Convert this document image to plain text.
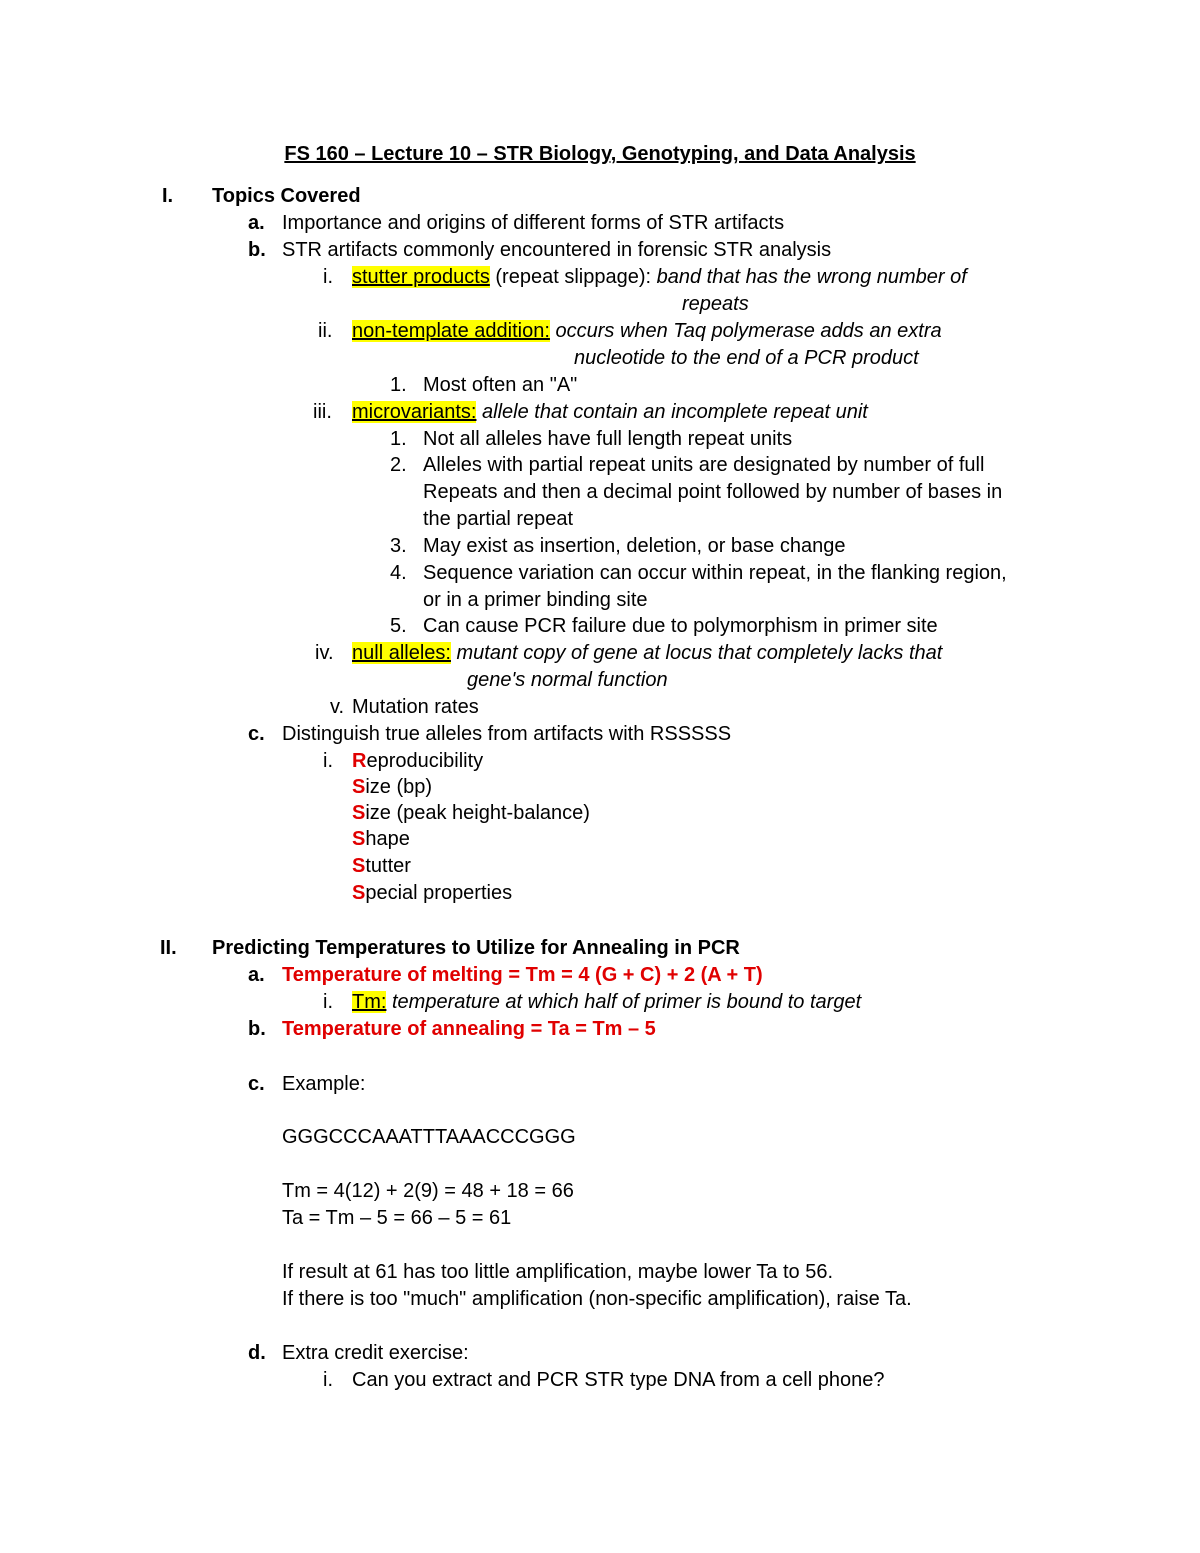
FS 160 – Lecture 10 – STR Biology, Genotyping, and Data Analysis
I. Topics Covered
a. Importance and origins of different forms of STR artifacts
b. STR artifacts commonly encountered in forensic STR analysis
i. stutter products (repeat slippage): band that has the wrong number of
repeats
ii. non-template addition: occurs when Taq polymerase adds an extra
nucleotide to the end of a PCR product
1. Most often an "A"
iii. microvariants: allele that contain an incomplete repeat unit
1. Not all alleles have full length repeat units
2. Alleles with partial repeat units are designated by number of full
Repeats and then a decimal point followed by number of bases in
the partial repeat
3. May exist as insertion, deletion, or base change
4. Sequence variation can occur within repeat, in the flanking region,
or in a primer binding site
5. Can cause PCR failure due to polymorphism in primer site
iv. null alleles: mutant copy of gene at locus that completely lacks that
gene's normal function
v. Mutation rates
c. Distinguish true alleles from artifacts with RSSSSS
i. Reproducibility
Size (bp)
Size (peak height-balance)
Shape
Stutter
Special properties
II. Predicting Temperatures to Utilize for Annealing in PCR
a. Temperature of melting = Tm = 4 (G + C) + 2 (A + T)
i. Tm: temperature at which half of primer is bound to target
b. Temperature of annealing = Ta = Tm – 5
c. Example:
GGGCCCAAATTTAAACCCGGG
Tm = 4(12) + 2(9) = 48 + 18 = 66
Ta = Tm – 5 = 66 – 5 = 61
If result at 61 has too little amplification, maybe lower Ta to 56.
If there is too "much" amplification (non-specific amplification), raise Ta.
d. Extra credit exercise:
i. Can you extract and PCR STR type DNA from a cell phone?
